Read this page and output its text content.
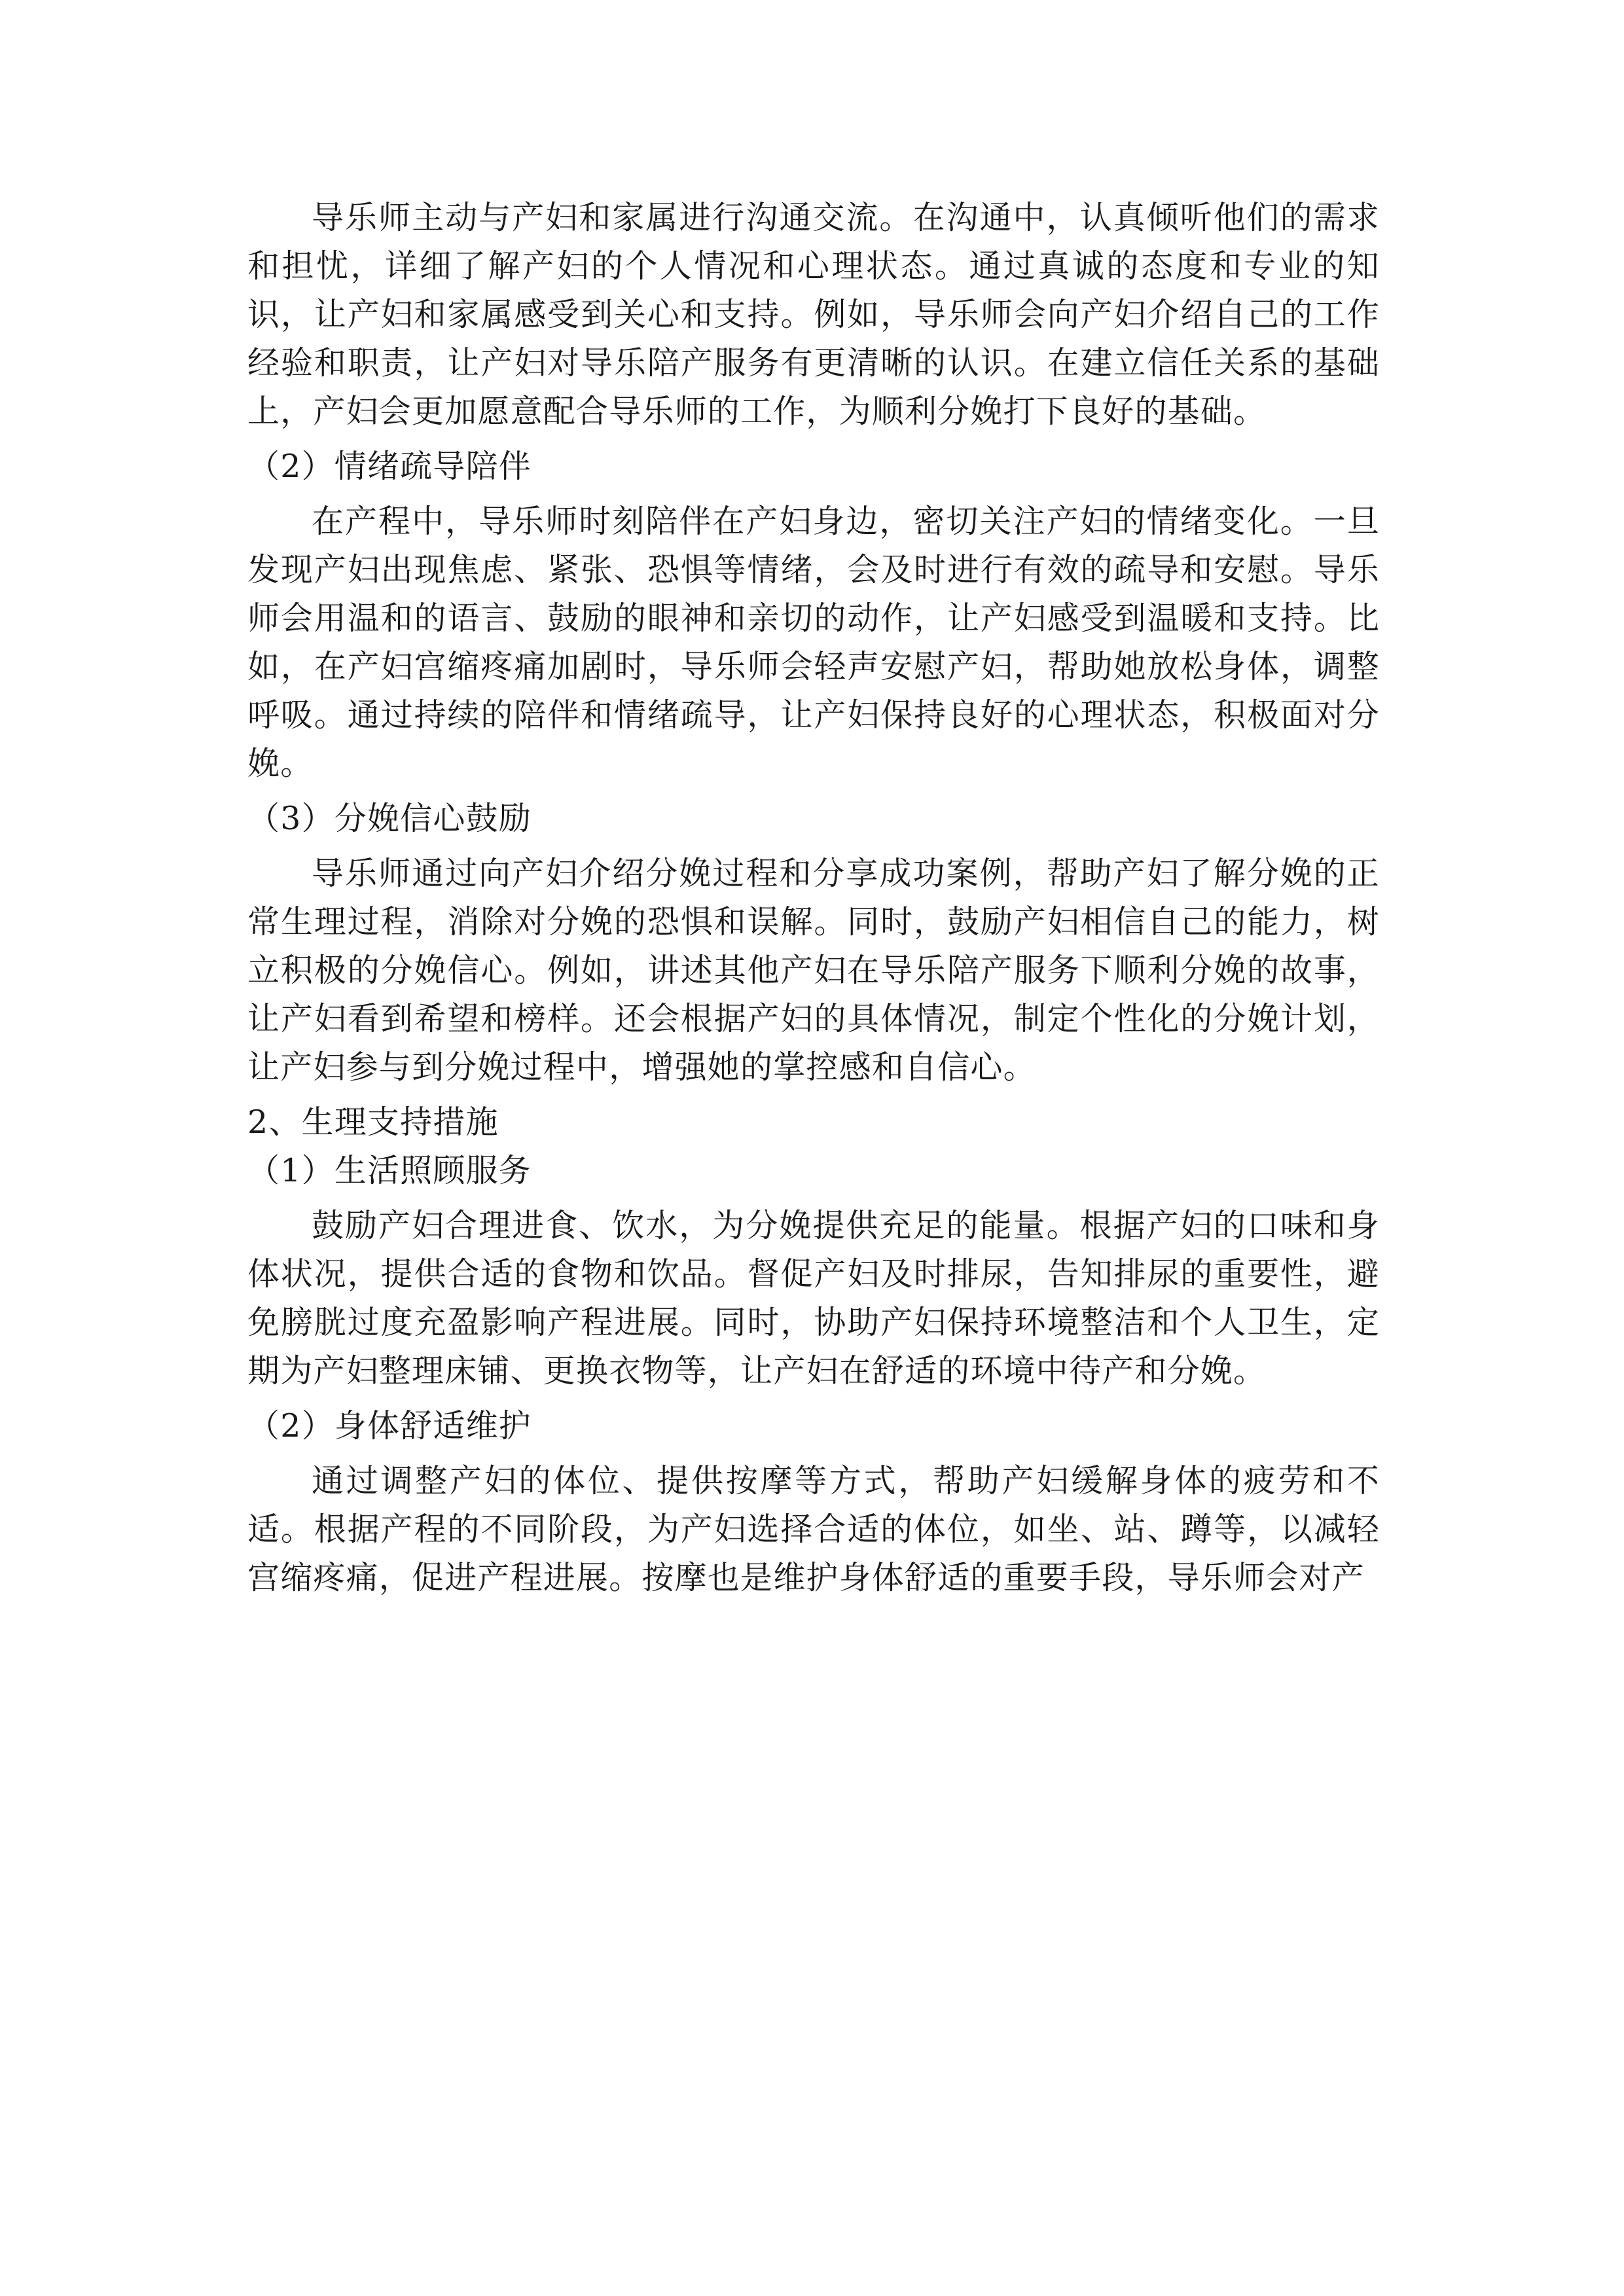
导乐师主动与产妇和家属进行沟通交流。在沟通中，认真倾听他们的需求和担忧，详细了解产妇的个人情况和心理状态。通过真诚的态度和专业的知识，让产妇和家属感受到关心和支持。例如，导乐师会向产妇介绍自己的工作经验和职责，让产妇对导乐陪产服务有更清晰的认识。在建立信任关系的基础上，产妇会更加愿意配合导乐师的工作，为顺利分娩打下良好的基础。

（2）情绪疏导陪伴

在产程中，导乐师时刻陪伴在产妇身边，密切关注产妇的情绪变化。一旦发现产妇出现焦虑、紧张、恐惧等情绪，会及时进行有效的疏导和安慰。导乐师会用温和的语言、鼓励的眼神和亲切的动作，让产妇感受到温暖和支持。比如，在产妇宫缩疼痛加剧时，导乐师会轻声安慰产妇，帮助她放松身体，调整呼吸。通过持续的陪伴和情绪疏导，让产妇保持良好的心理状态，积极面对分娩。

（3）分娩信心鼓励

导乐师通过向产妇介绍分娩过程和分享成功案例，帮助产妇了解分娩的正常生理过程，消除对分娩的恐惧和误解。同时，鼓励产妇相信自己的能力，树立积极的分娩信心。例如，讲述其他产妇在导乐陪产服务下顺利分娩的故事，让产妇看到希望和榜样。还会根据产妇的具体情况，制定个性化的分娩计划，让产妇参与到分娩过程中，增强她的掌控感和自信心。

2、生理支持措施

（1）生活照顾服务

鼓励产妇合理进食、饮水，为分娩提供充足的能量。根据产妇的口味和身体状况，提供合适的食物和饮品。督促产妇及时排尿，告知排尿的重要性，避免膀胱过度充盈影响产程进展。同时，协助产妇保持环境整洁和个人卫生，定期为产妇整理床铺、更换衣物等，让产妇在舒适的环境中待产和分娩。

（2）身体舒适维护

通过调整产妇的体位、提供按摩等方式，帮助产妇缓解身体的疲劳和不适。根据产程的不同阶段，为产妇选择合适的体位，如坐、站、蹲等，以减轻宫缩疼痛，促进产程进展。按摩也是维护身体舒适的重要手段，导乐师会对产
